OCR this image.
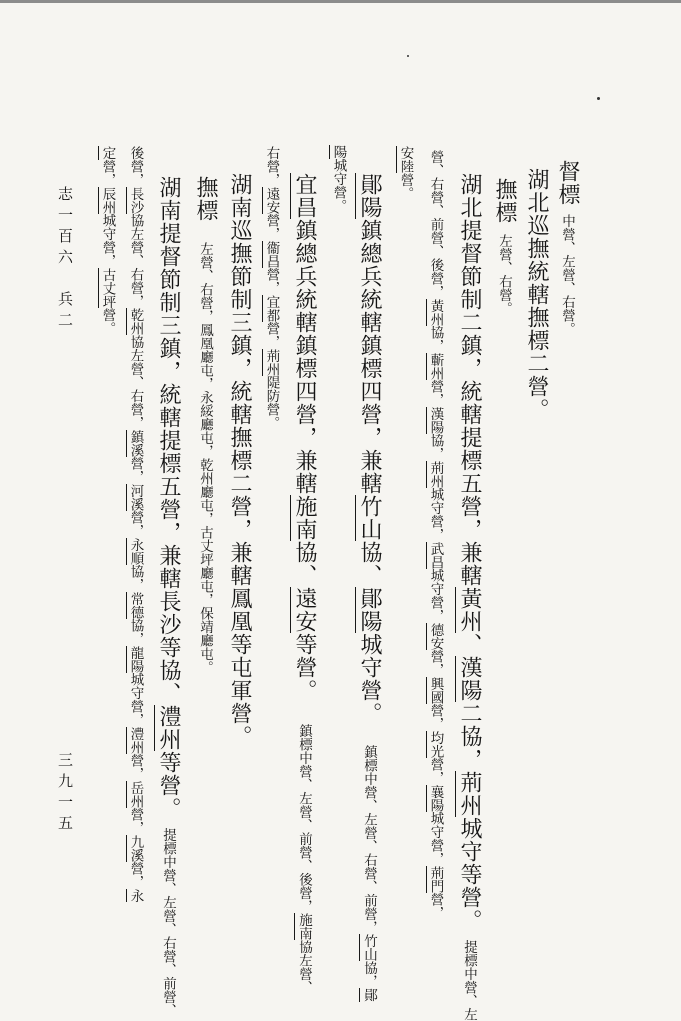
督標中營、左營、右營。
湖北巡撫統轄撫標二營。
撫標左營、右營。
湖北提督節制二鎮，統轄提標五營，兼轄黃州、漢陽二協，荊州城守等營。提標中營、左
營、右營、前營、後營，黃州協，蘄州營，漢陽協，荊州城守營，武昌城守營，德安營，興國營，均光營，襄陽城守營，荊門營，
安陸營。
鄖陽鎮總兵統轄鎮標四營，兼轄竹山協、鄖陽城守營。鎮標中營、左營、右營、前營，竹山協，鄖
陽城守營。
宜昌鎮總兵統轄鎮標四營，兼轄施南協、遠安等營。鎮標中營、左營、前營、後營，施南協左營、
右營，遠安營，衞昌營，宜都營，荊州隄防營。
湖南巡撫節制三鎮，統轄撫標二營，兼轄鳳凰等屯軍營。
撫標左營、右營，鳳凰廳屯，永綏廳屯，乾州廳屯，古丈坪廳屯，保靖廳屯。
湖南提督節制三鎮，統轄提標五營，兼轄長沙等協、澧州等營。提標中營、左營、右營、前營、
後營，長沙協左營、右營，乾州協左營、右營，鎮溪營，河溪營，永順協，常德協，龍陽城守營，澧州營，岳州營，九溪營，永
定營，辰州城守營，古丈坪營。
志一百六　兵二
三九一五
